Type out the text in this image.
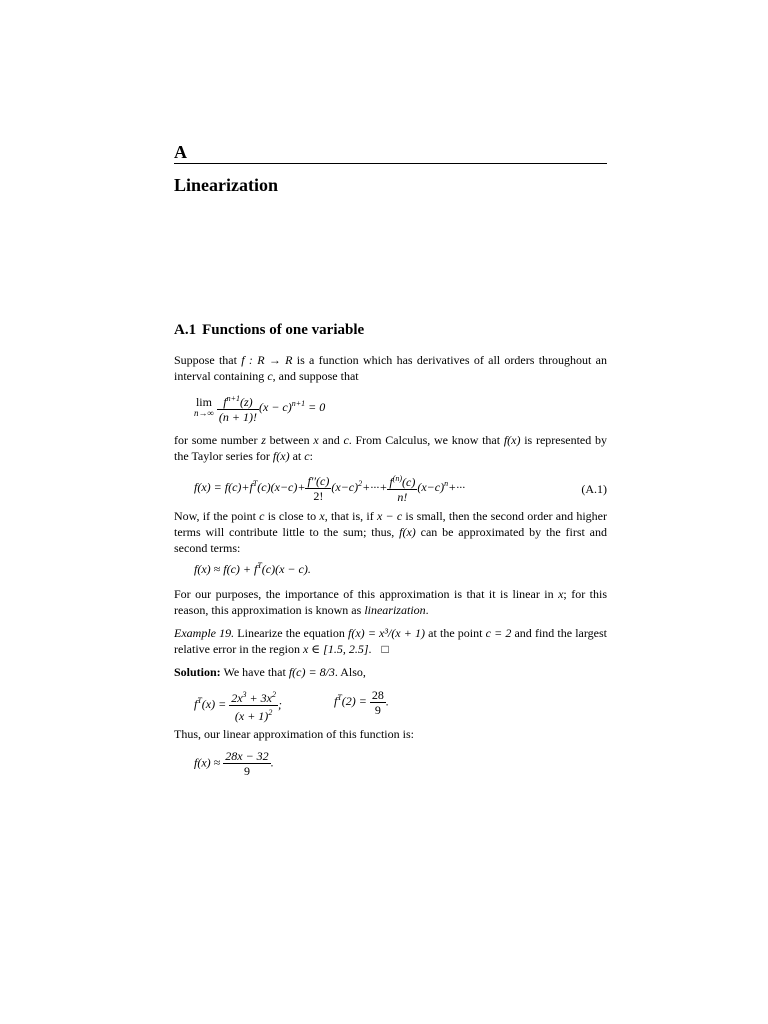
A
Linearization
A.1 Functions of one variable
Suppose that f : R → R is a function which has derivatives of all orders throughout an interval containing c, and suppose that
lim
n→∞
$\frac{f^{n+1}(z)}{(n + 1)!} (x - c)^{n+1} = 0$
for some number z between x and c. From Calculus, we know that f(x) is represented by the Taylor series for f(x) at c:
$f(x) = f(c)+f^T(c)(x-c)+ \frac{f''(c)}{2!} (x-c)^2+\cdot\cdot\cdot+ \frac{f^{(n)}(c)}{n!} (x-c)^n+\cdot\cdot\cdot$	(A.1)
Now, if the point c is close to x, that is, if x − c is small, then the second order and higher terms will contribute little to the sum; thus, f(x) can be approximated by the first and second terms:
$f(x) \approx f(c) + f^T(c)(x - c)$.
For our purposes, the importance of this approximation is that it is linear in x; for this reason, this approximation is known as linearization.
Example 19. Linearize the equation f(x) = x³/(x + 1) at the point c = 2 and find the largest relative error in the region x ∈ [1.5, 2.5]. □
Solution: We have that f(c) = 8/3. Also,
$f^T(x) = \frac{2x^3 + 3x^2}{(x + 1)^2}$ ;	$f^T(2) = \frac{28}{9}$ .
Thus, our linear approximation of this function is:
$f(x) \approx \frac{28x - 32}{9}$ .
